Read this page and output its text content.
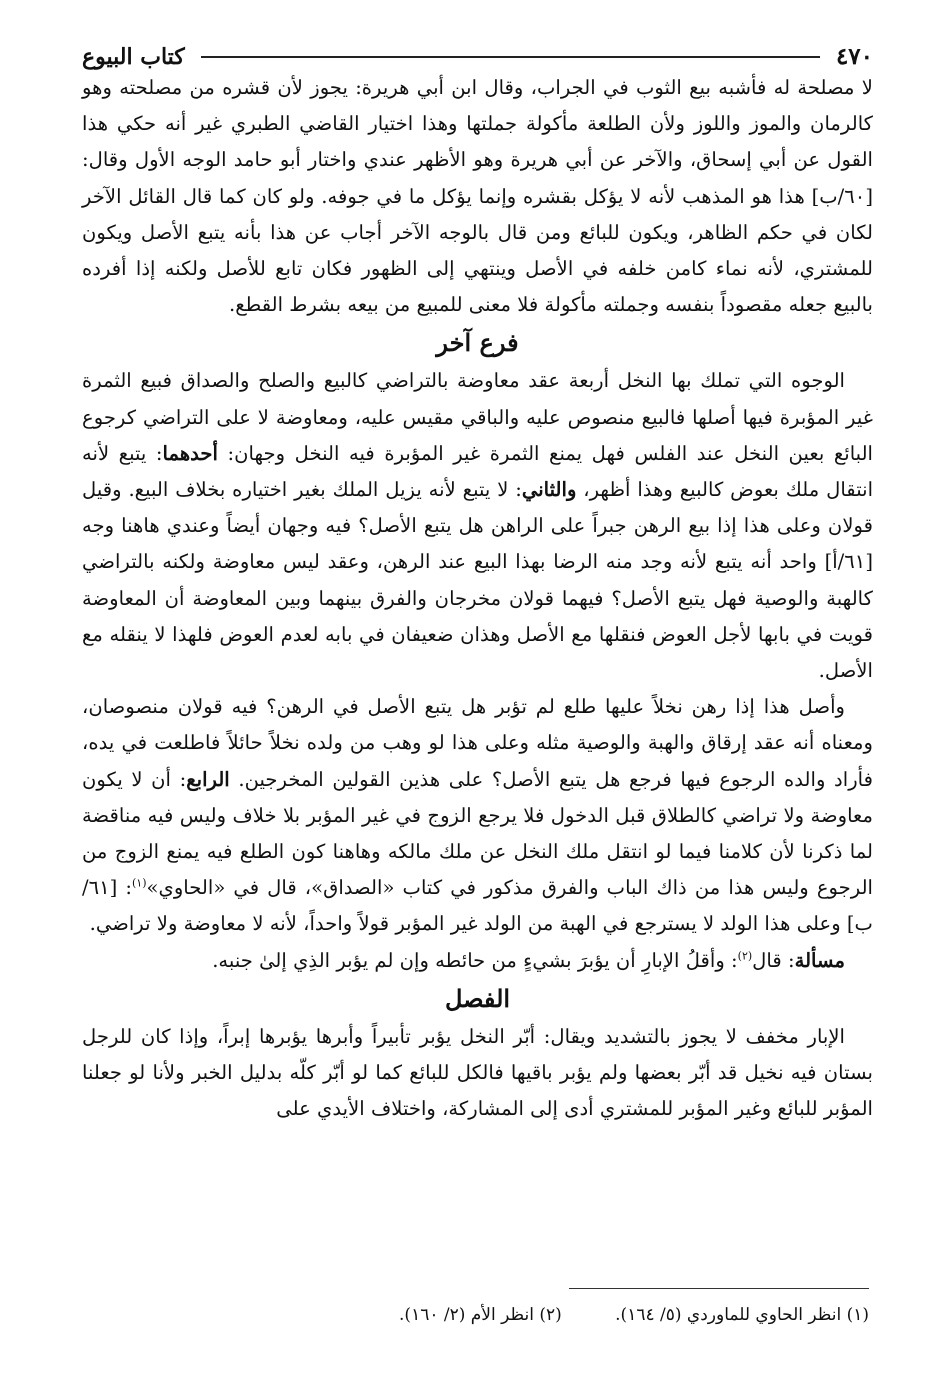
٤٧٠
كتاب البيوع

لا مصلحة له فأشبه بيع الثوب في الجراب، وقال ابن أبي هريرة: يجوز لأن قشره من مصلحته وهو كالرمان والموز واللوز ولأن الطلعة مأكولة جملتها وهذا اختيار القاضي الطبري غير أنه حكي هذا القول عن أبي إسحاق، والآخر عن أبي هريرة وهو الأظهر عندي واختار أبو حامد الوجه الأول وقال: [٦٠/ب] هذا هو المذهب لأنه لا يؤكل بقشره وإنما يؤكل ما في جوفه. ولو كان كما قال القائل الآخر لكان في حكم الظاهر، ويكون للبائع ومن قال بالوجه الآخر أجاب عن هذا بأنه يتبع الأصل ويكون للمشتري، لأنه نماء كامن خلفه في الأصل وينتهي إلى الظهور فكان تابع للأصل ولكنه إذا أفرده بالبيع جعله مقصوداً بنفسه وجملته مأكولة فلا معنى للمبيع من بيعه بشرط القطع.

فرع آخر

الوجوه التي تملك بها النخل أربعة عقد معاوضة بالتراضي كالبيع والصلح والصداق فبيع الثمرة غير المؤبرة فيها أصلها فالبيع منصوص عليه والباقي مقيس عليه، ومعاوضة لا على التراضي كرجوع البائع بعين النخل عند الفلس فهل يمنع الثمرة غير المؤبرة فيه النخل وجهان: أحدهما: يتبع لأنه انتقال ملك بعوض كالبيع وهذا أظهر، والثاني: لا يتبع لأنه يزيل الملك بغير اختياره بخلاف البيع. وقيل قولان وعلى هذا إذا بيع الرهن جبراً على الراهن هل يتبع الأصل؟ فيه وجهان أيضاً وعندي هاهنا وجه [٦١/أ] واحد أنه يتبع لأنه وجد منه الرضا بهذا البيع عند الرهن، وعقد ليس معاوضة ولكنه بالتراضي كالهبة والوصية فهل يتبع الأصل؟ فيهما قولان مخرجان والفرق بينهما وبين المعاوضة أن المعاوضة قويت في بابها لأجل العوض فنقلها مع الأصل وهذان ضعيفان في بابه لعدم العوض فلهذا لا ينقله مع الأصل.

وأصل هذا إذا رهن نخلاً عليها طلع لم تؤبر هل يتبع الأصل في الرهن؟ فيه قولان منصوصان، ومعناه أنه عقد إرقاق والهبة والوصية مثله وعلى هذا لو وهب من ولده نخلاً حائلاً فاطلعت في يده، فأراد والده الرجوع فيها فرجع هل يتبع الأصل؟ على هذين القولين المخرجين. الرابع: أن لا يكون معاوضة ولا تراضي كالطلاق قبل الدخول فلا يرجع الزوج في غير المؤبر بلا خلاف وليس فيه مناقضة لما ذكرنا لأن كلامنا فيما لو انتقل ملك النخل عن ملك مالكه وهاهنا كون الطلع فيه يمنع الزوج من الرجوع وليس هذا من ذاك الباب والفرق مذكور في كتاب «الصداق»، قال في «الحاوي»$^{(١)}$: [٦١/ ب] وعلى هذا الولد لا يسترجع في الهبة من الولد غير المؤبر قولاً واحداً، لأنه لا معاوضة ولا تراضي.

مسألة: قال$^{(٢)}$: وأقلُ الإبارِ أن يؤبرَ بشيءٍ من حائطه وإن لم يؤبر الذِي إلىٰ جنبه.

الفصل

الإبار مخفف لا يجوز بالتشديد ويقال: أبّر النخل يؤبر تأبيراً وأبرها يؤبرها إبراً، وإذا كان للرجل بستان فيه نخيل قد أبّر بعضها ولم يؤبر باقيها فالكل للبائع كما لو أبّر كلّه بدليل الخبر ولأنا لو جعلنا المؤبر للبائع وغير المؤبر للمشتري أدى إلى المشاركة، واختلاف الأيدي على

(١) انظر الحاوي للماوردي (٥/ ١٦٤). (٢) انظر الأم (٢/ ١٦٠).
